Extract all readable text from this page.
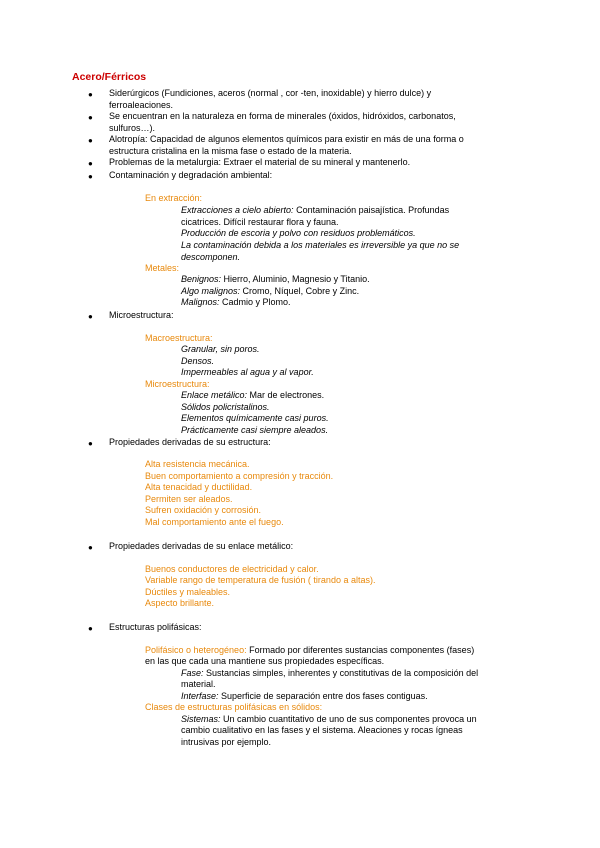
Acero/Férricos
● Siderúrgicos (Fundiciones, aceros (normal , cor -ten, inoxidable) y hierro dulce) y
ferroaleaciones.
● Se encuentran en la naturaleza en forma de minerales (óxidos, hidróxidos, carbonatos,
sulfuros…).
● Alotropía: Capacidad de algunos elementos químicos para existir en más de una forma o
estructura cristalina en la misma fase o estado de la materia.
● Problemas de la metalurgia: Extraer el material de su mineral y mantenerlo.
● Contaminación y degradación ambiental:
En extracción:
Extracciones a cielo abierto: Contaminación paisajística. Profundas
cicatrices. Difícil restaurar flora y fauna.
Producción de escoria y polvo con residuos problemáticos.
La contaminación debida a los materiales es irreversible ya que no se
descomponen.
Metales:
Benignos: Hierro, Aluminio, Magnesio y Titanio.
Algo malignos: Cromo, Níquel, Cobre y Zinc.
Malignos: Cadmio y Plomo.
● Microestructura:
Macroestructura:
Granular, sin poros.
Densos.
Impermeables al agua y al vapor.
Microestructura:
Enlace metálico: Mar de electrones.
Sólidos policristalinos.
Elementos químicamente casi puros.
Prácticamente casi siempre aleados.
● Propiedades derivadas de su estructura:
Alta resistencia mecánica.
Buen comportamiento a compresión y tracción.
Alta tenacidad y ductilidad.
Permiten ser aleados.
Sufren oxidación y corrosión.
Mal comportamiento ante el fuego.
● Propiedades derivadas de su enlace metálico:
Buenos conductores de electricidad y calor.
Variable rango de temperatura de fusión ( tirando a altas).
Dúctiles y maleables.
Aspecto brillante.
● Estructuras polifásicas:
Polifásico o heterogéneo: Formado por diferentes sustancias componentes (fases)
en las que cada una mantiene sus propiedades específicas.
Fase: Sustancias simples, inherentes y constitutivas de la composición del
material.
Interfase: Superficie de separación entre dos fases contiguas.
Clases de estructuras polifásicas en sólidos:
Sistemas: Un cambio cuantitativo de uno de sus componentes provoca un
cambio cualitativo en las fases y el sistema. Aleaciones y rocas ígneas
intrusivas por ejemplo.
